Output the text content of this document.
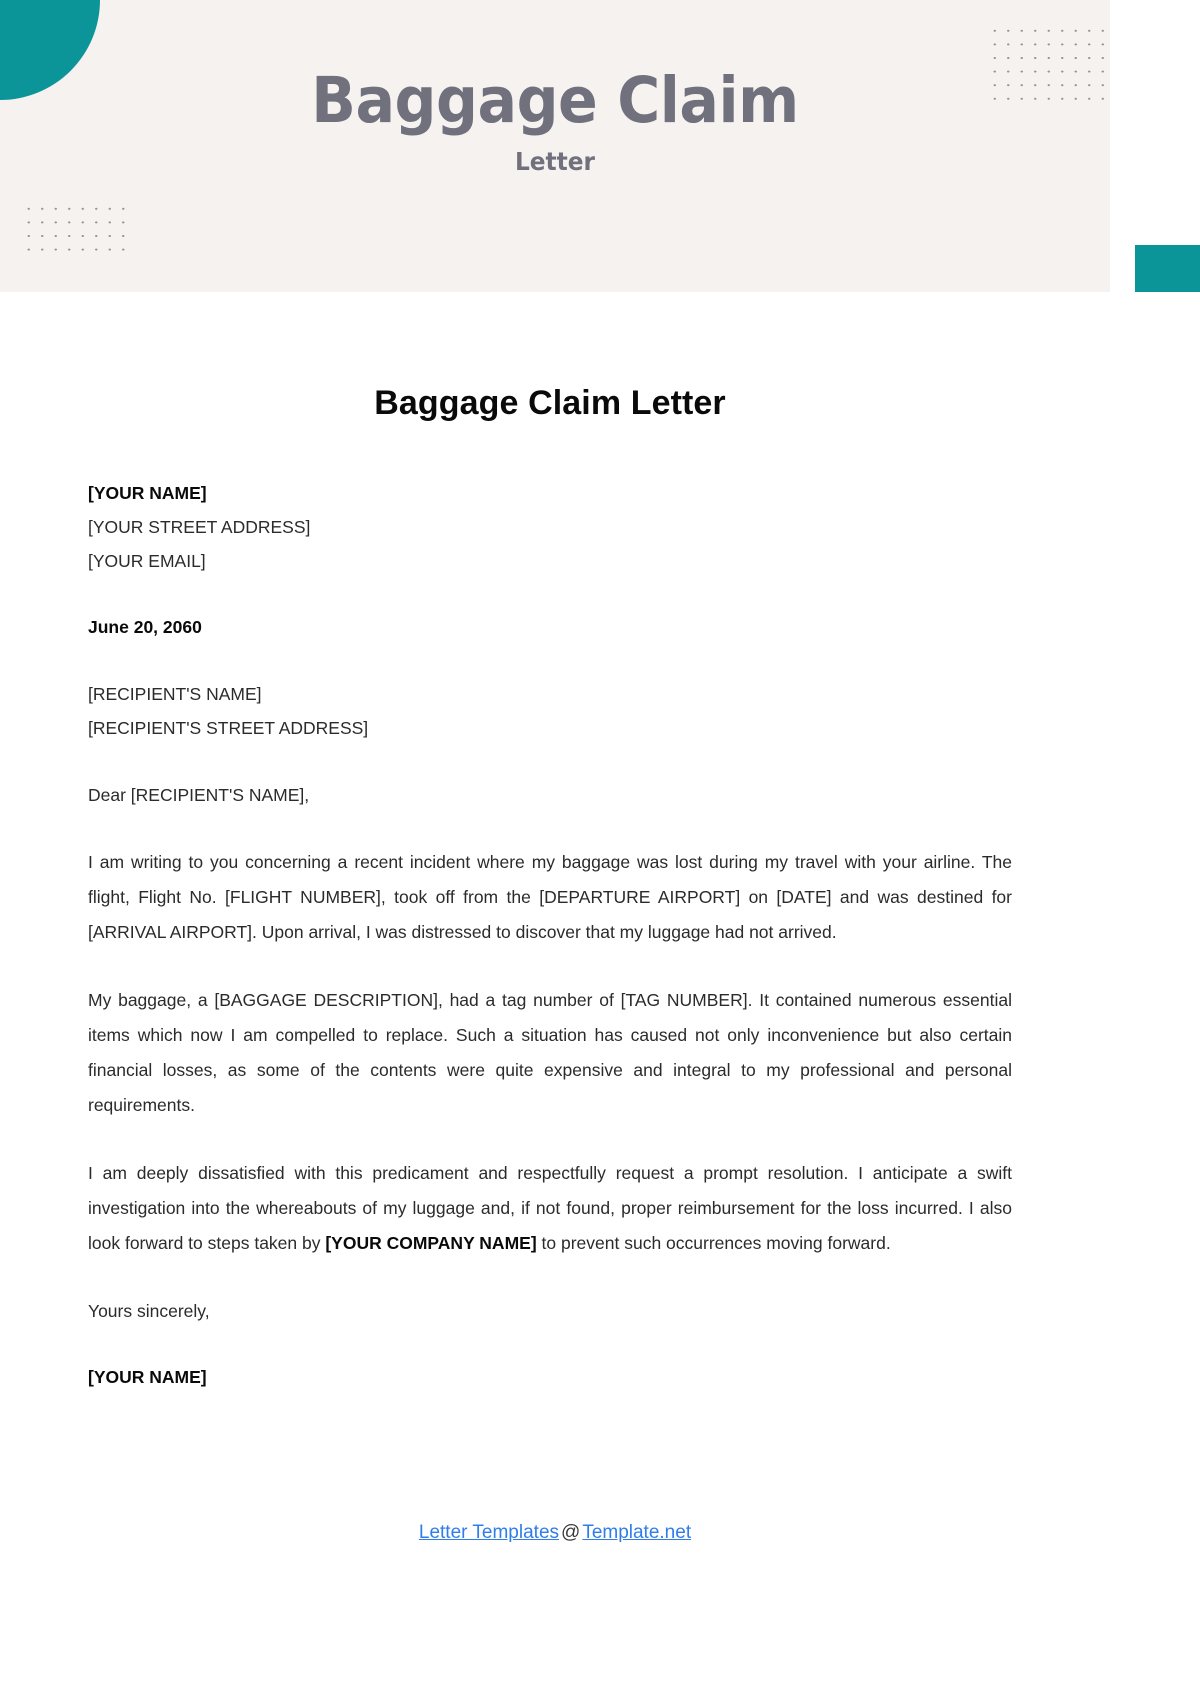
Baggage Claim
Letter
Baggage Claim Letter
[YOUR NAME]
[YOUR STREET ADDRESS]
[YOUR EMAIL]
June 20, 2060
[RECIPIENT'S NAME]
[RECIPIENT'S STREET ADDRESS]
Dear [RECIPIENT'S NAME],
I am writing to you concerning a recent incident where my baggage was lost during my travel with your airline. The flight, Flight No. [FLIGHT NUMBER], took off from the [DEPARTURE AIRPORT] on [DATE] and was destined for [ARRIVAL AIRPORT]. Upon arrival, I was distressed to discover that my luggage had not arrived.
My baggage, a [BAGGAGE DESCRIPTION], had a tag number of [TAG NUMBER]. It contained numerous essential items which now I am compelled to replace. Such a situation has caused not only inconvenience but also certain financial losses, as some of the contents were quite expensive and integral to my professional and personal requirements.
I am deeply dissatisfied with this predicament and respectfully request a prompt resolution. I anticipate a swift investigation into the whereabouts of my luggage and, if not found, proper reimbursement for the loss incurred. I also look forward to steps taken by [YOUR COMPANY NAME] to prevent such occurrences moving forward.
Yours sincerely,
[YOUR NAME]
Letter Templates @ Template.net
